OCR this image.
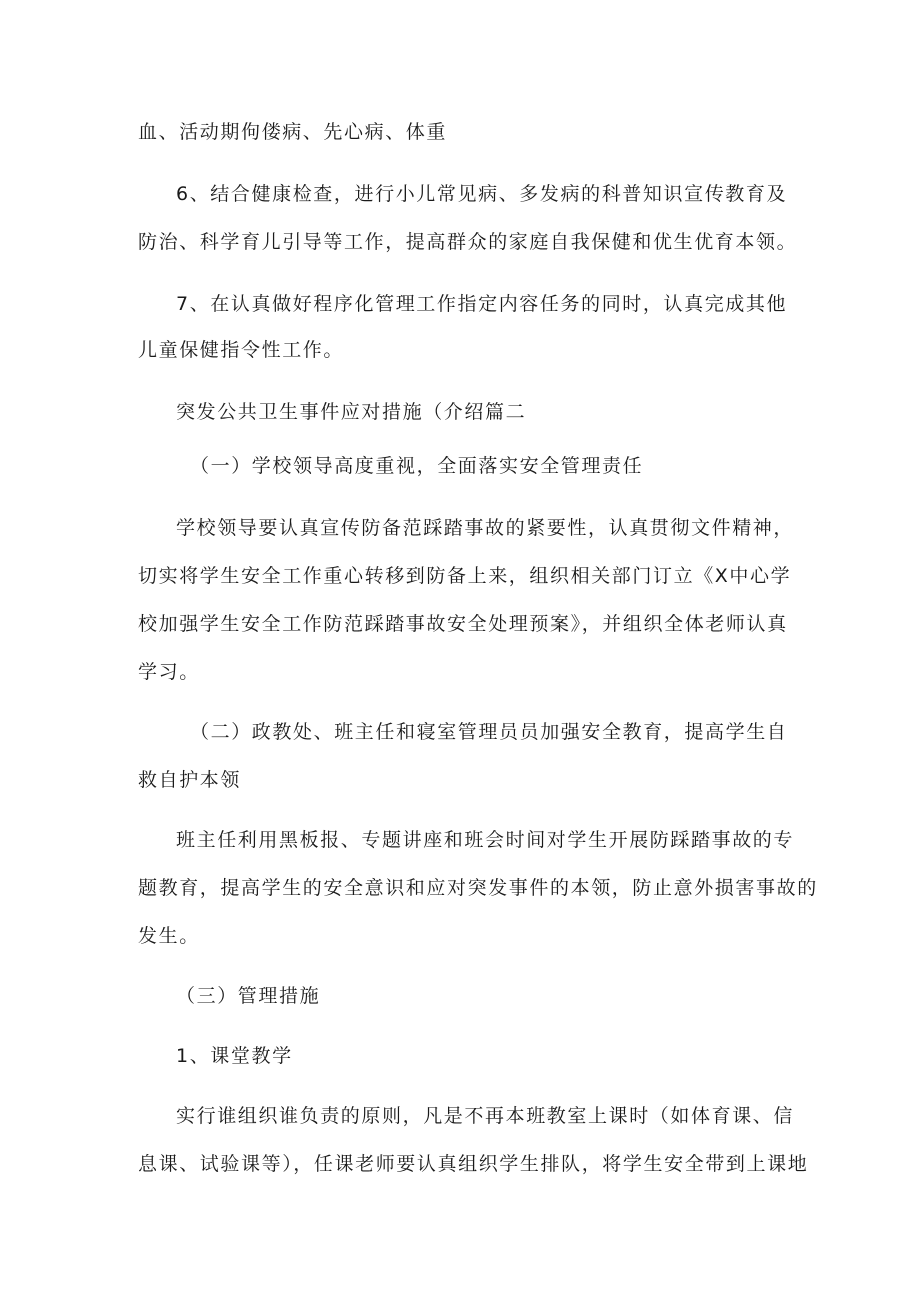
血、活动期佝偻病、先心病、体重
6、结合健康检查，进行小儿常见病、多发病的科普知识宣传教育及
防治、科学育儿引导等工作，提高群众的家庭自我保健和优生优育本领。
7、在认真做好程序化管理工作指定内容任务的同时，认真完成其他
儿童保健指令性工作。
突发公共卫生事件应对措施（介绍篇二
（一）学校领导高度重视，全面落实安全管理责任
学校领导要认真宣传防备范踩踏事故的紧要性，认真贯彻文件精神，
切实将学生安全工作重心转移到防备上来，组织相关部门订立《X中心学
校加强学生安全工作防范踩踏事故安全处理预案》，并组织全体老师认真
学习。
（二）政教处、班主任和寝室管理员员加强安全教育，提高学生自
救自护本领
班主任利用黑板报、专题讲座和班会时间对学生开展防踩踏事故的专
题教育，提高学生的安全意识和应对突发事件的本领，防止意外损害事故的
发生。
（三）管理措施
1、课堂教学
实行谁组织谁负责的原则，凡是不再本班教室上课时（如体育课、信
息课、试验课等），任课老师要认真组织学生排队，将学生安全带到上课地
